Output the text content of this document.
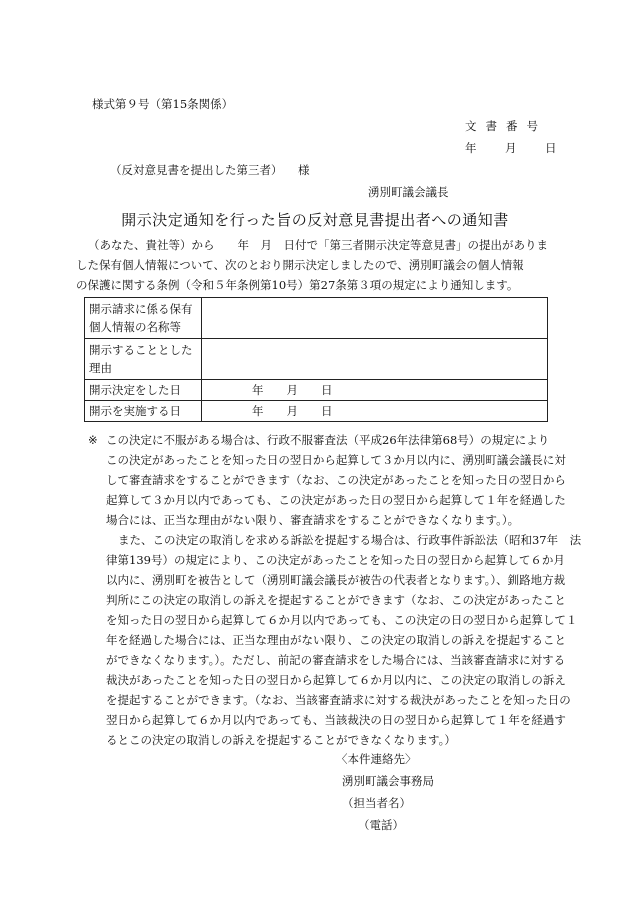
様式第９号（第15条関係）
文書番号
年 月 日
（反対意見書を提出した第三者） 様
湧別町議会議長
開示決定通知を行った旨の反対意見書提出者への通知書
（あなた、貴社等）から　　年　月　日付で「第三者開示決定等意見書」の提出がありま
した保有個人情報について、次のとおり開示決定しましたので、湧別町議会の個人情報
の保護に関する条例（令和５年条例第10号）第27条第３項の規定により通知します。
開示請求に係る保有
個人情報の名称等	

開示することとした
理由	

開示決定をした日	年　　月　　日

開示を実施する日	年　　月　　日
※ この決定に不服がある場合は、行政不服審査法（平成26年法律第68号）の規定により
この決定があったことを知った日の翌日から起算して３か月以内に、湧別町議会議長に対
して審査請求をすることができます（なお、この決定があったことを知った日の翌日から
起算して３か月以内であっても、この決定があった日の翌日から起算して１年を経過した
場合には、正当な理由がない限り、審査請求をすることができなくなります。）。
また、この決定の取消しを求める訴訟を提起する場合は、行政事件訴訟法（昭和37年　法
律第139号）の規定により、この決定があったことを知った日の翌日から起算して６か月
以内に、湧別町を被告として（湧別町議会議長が被告の代表者となります。）、釧路地方裁
判所にこの決定の取消しの訴えを提起することができます（なお、この決定があったこと
を知った日の翌日から起算して６か月以内であっても、この決定の日の翌日から起算して１
年を経過した場合には、正当な理由がない限り、この決定の取消しの訴えを提起すること
ができなくなります。）。ただし、前記の審査請求をした場合には、当該審査請求に対する
裁決があったことを知った日の翌日から起算して６か月以内に、この決定の取消しの訴え
を提起することができます。（なお、当該審査請求に対する裁決があったことを知った日の
翌日から起算して６か月以内であっても、当該裁決の日の翌日から起算して１年を経過す
るとこの決定の取消しの訴えを提起することができなくなります。）
〈本件連絡先〉
湧別町議会事務局
（担当者名）
（電話）
